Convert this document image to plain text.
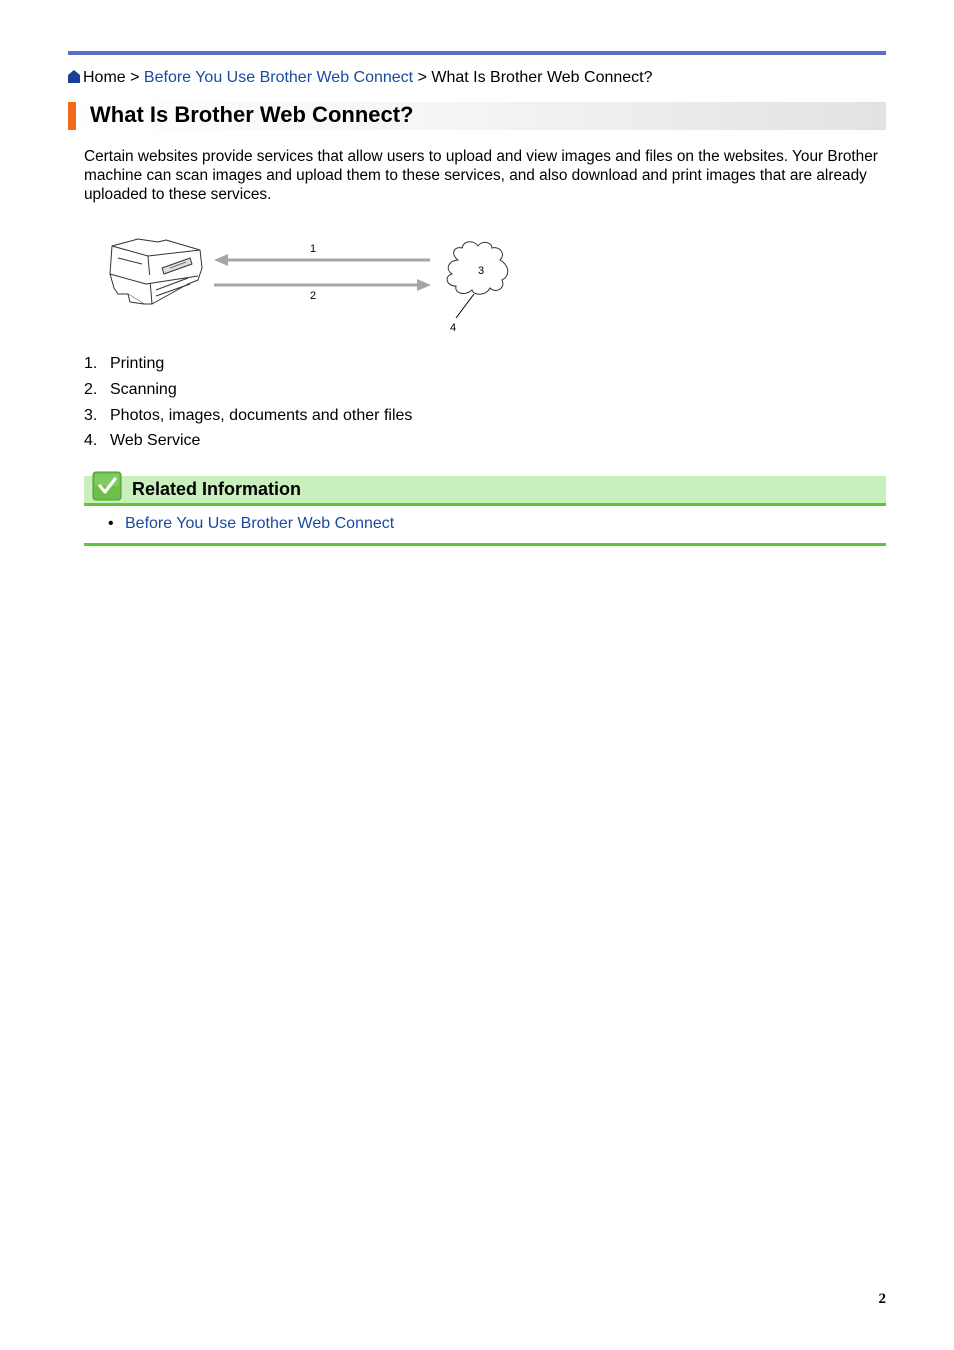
Home > Before You Use Brother Web Connect > What Is Brother Web Connect?
What Is Brother Web Connect?
Certain websites provide services that allow users to upload and view images and files on the websites. Your Brother machine can scan images and upload them to these services, and also download and print images that are already uploaded to these services.
1
2
3
4
1. Printing
2. Scanning
3. Photos, images, documents and other files
4. Web Service
Related Information
• Before You Use Brother Web Connect
2
